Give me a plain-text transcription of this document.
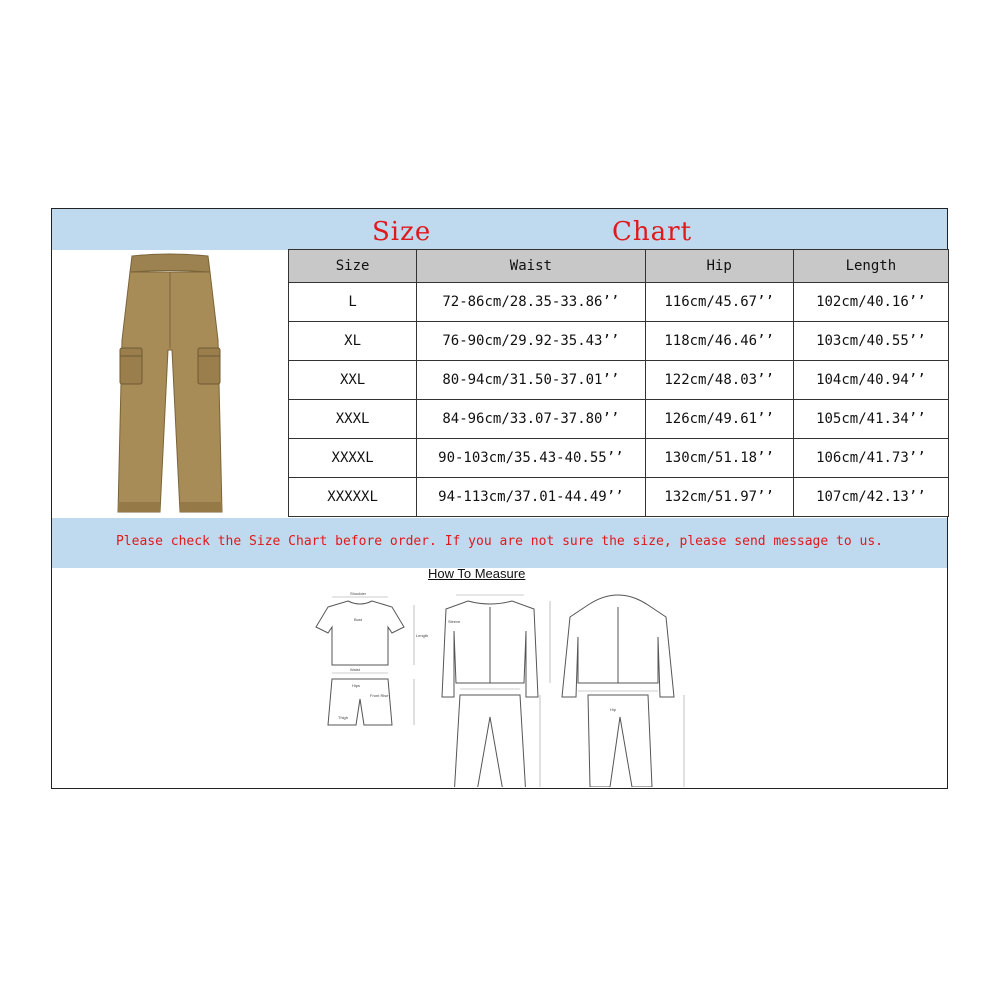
Size	Chart
Size	Waist	Hip	Length
L	72-86cm/28.35-33.86’’	116cm/45.67’’	102cm/40.16’’
XL	76-90cm/29.92-35.43’’	118cm/46.46’’	103cm/40.55’’
XXL	80-94cm/31.50-37.01’’	122cm/48.03’’	104cm/40.94’’
XXXL	84-96cm/33.07-37.80’’	126cm/49.61’’	105cm/41.34’’
XXXXL	90-103cm/35.43-40.55’’	130cm/51.18’’	106cm/41.73’’
XXXXXL	94-113cm/37.01-44.49’’	132cm/51.97’’	107cm/42.13’’
Please check the Size Chart before order. If you are not sure the size, please send message to us.
How To Measure
Shoulder
Bust
Length
Waist
Hips
Front Rise
Thigh
Sleeve
Hip
